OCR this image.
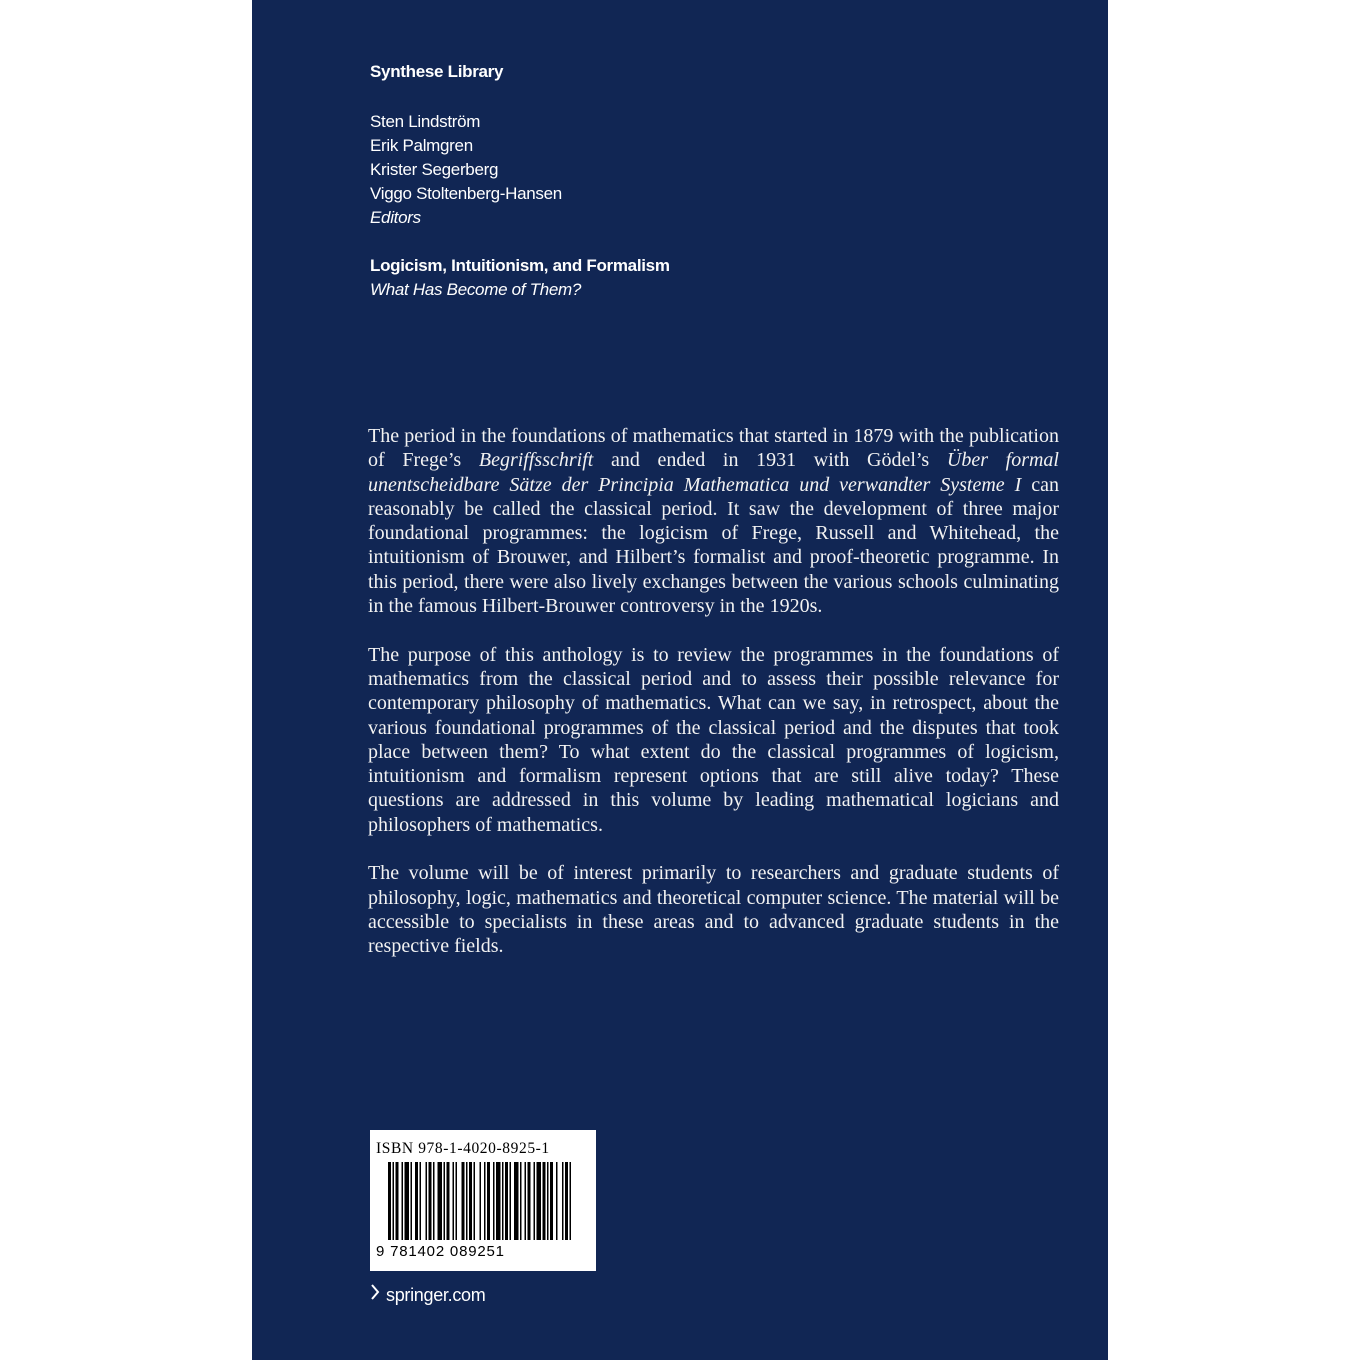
Synthese Library
Sten Lindström
Erik Palmgren
Krister Segerberg
Viggo Stoltenberg-Hansen
Editors
Logicism, Intuitionism, and Formalism
What Has Become of Them?

The period in the foundations of mathematics that started in 1879 with the publication of Frege’s Begriffsschrift and ended in 1931 with Gödel’s Über formal unentscheidbare Sätze der Principia Mathematica und verwandter Systeme I can reasonably be called the classical period. It saw the development of three major foundational programmes: the logicism of Frege, Russell and Whitehead, the intuitionism of Brouwer, and Hilbert’s formalist and proof-theoretic programme. In this period, there were also lively exchanges between the various schools culminating in the famous Hilbert-Brouwer controversy in the 1920s.

The purpose of this anthology is to review the programmes in the foundations of mathematics from the classical period and to assess their possible relevance for contemporary philosophy of mathematics. What can we say, in retrospect, about the various foundational programmes of the classical period and the disputes that took place between them? To what extent do the classical programmes of logicism, intuitionism and formalism represent options that are still alive today? These questions are addressed in this volume by leading mathematical logicians and philosophers of mathematics.

The volume will be of interest primarily to researchers and graduate students of philosophy, logic, mathematics and theoretical computer science. The material will be accessible to specialists in these areas and to advanced graduate students in the respective fields.

ISBN 978-1-4020-8925-1
9 781402 089251
springer.com
